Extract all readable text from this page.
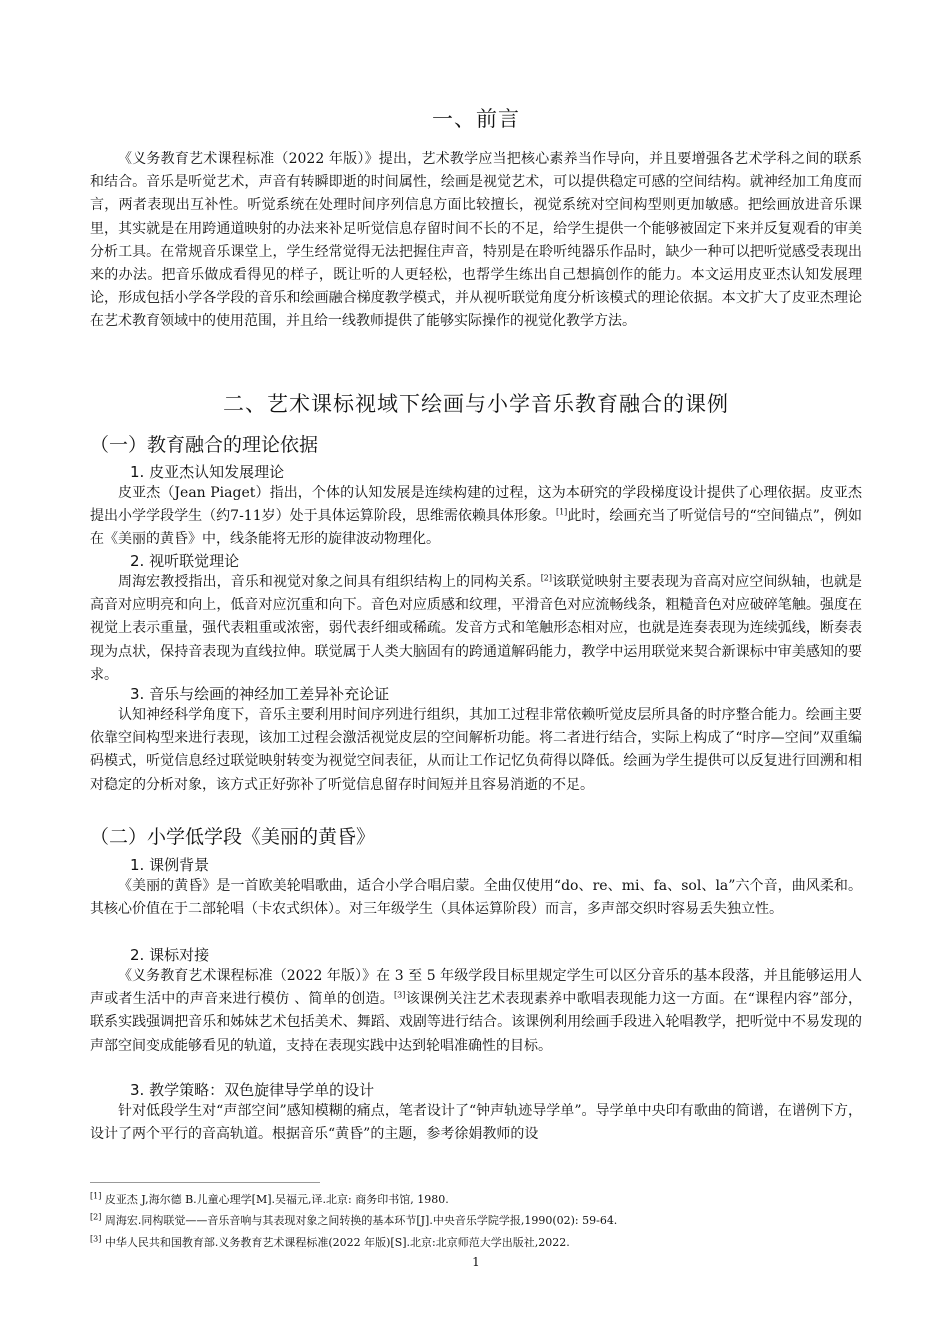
一、前言

《义务教育艺术课程标准（2022 年版）》提出，艺术教学应当把核心素养当作导向，并且要增强各艺术学科之间的联系和结合。音乐是听觉艺术，声音有转瞬即逝的时间属性，绘画是视觉艺术，可以提供稳定可感的空间结构。就神经加工角度而言，两者表现出互补性。听觉系统在处理时间序列信息方面比较擅长，视觉系统对空间构型则更加敏感。把绘画放进音乐课里，其实就是在用跨通道映射的办法来补足听觉信息存留时间不长的不足，给学生提供一个能够被固定下来并反复观看的审美分析工具。在常规音乐课堂上，学生经常觉得无法把握住声音，特别是在聆听纯器乐作品时，缺少一种可以把听觉感受表现出来的办法。把音乐做成看得见的样子，既让听的人更轻松，也帮学生练出自己想搞创作的能力。本文运用皮亚杰认知发展理论，形成包括小学各学段的音乐和绘画融合梯度教学模式，并从视听联觉角度分析该模式的理论依据。本文扩大了皮亚杰理论在艺术教育领域中的使用范围，并且给一线教师提供了能够实际操作的视觉化教学方法。

二、艺术课标视域下绘画与小学音乐教育融合的课例
（一）教育融合的理论依据
1. 皮亚杰认知发展理论

皮亚杰（Jean Piaget）指出，个体的认知发展是连续构建的过程，这为本研究的学段梯度设计提供了心理依据。皮亚杰提出小学学段学生（约7-11岁）处于具体运算阶段，思维需依赖具体形象。[1]此时，绘画充当了听觉信号的“空间锚点”，例如在《美丽的黄昏》中，线条能将无形的旋律波动物理化。

2. 视听联觉理论

周海宏教授指出，音乐和视觉对象之间具有组织结构上的同构关系。[2]该联觉映射主要表现为音高对应空间纵轴，也就是高音对应明亮和向上，低音对应沉重和向下。音色对应质感和纹理，平滑音色对应流畅线条，粗糙音色对应破碎笔触。强度在视觉上表示重量，强代表粗重或浓密，弱代表纤细或稀疏。发音方式和笔触形态相对应，也就是连奏表现为连续弧线，断奏表现为点状，保持音表现为直线拉伸。联觉属于人类大脑固有的跨通道解码能力，教学中运用联觉来契合新课标中审美感知的要求。

3. 音乐与绘画的神经加工差异补充论证

认知神经科学角度下，音乐主要利用时间序列进行组织，其加工过程非常依赖听觉皮层所具备的时序整合能力。绘画主要依靠空间构型来进行表现，该加工过程会激活视觉皮层的空间解析功能。将二者进行结合，实际上构成了“时序—空间”双重编码模式，听觉信息经过联觉映射转变为视觉空间表征，从而让工作记忆负荷得以降低。绘画为学生提供可以反复进行回溯和相对稳定的分析对象，该方式正好弥补了听觉信息留存时间短并且容易消逝的不足。

（二）小学低学段《美丽的黄昏》
1. 课例背景

《美丽的黄昏》是一首欧美轮唱歌曲，适合小学合唱启蒙。全曲仅使用“do、re、mi、fa、sol、la”六个音，曲风柔和。其核心价值在于二部轮唱（卡农式织体）。对三年级学生（具体运算阶段）而言，多声部交织时容易丢失独立性。

2. 课标对接

《义务教育艺术课程标准（2022 年版）》在 3 至 5 年级学段目标里规定学生可以区分音乐的基本段落，并且能够运用人声或者生活中的声音来进行模仿 、简单的创造。[3]该课例关注艺术表现素养中歌唱表现能力这一方面。在“课程内容”部分，联系实践强调把音乐和姊妹艺术包括美术、舞蹈、戏剧等进行结合。该课例利用绘画手段进入轮唱教学，把听觉中不易发现的声部空间变成能够看见的轨道，支持在表现实践中达到轮唱准确性的目标。

3. 教学策略：双色旋律导学单的设计

针对低段学生对“声部空间”感知模糊的痛点，笔者设计了“钟声轨迹导学单”。导学单中央印有歌曲的简谱，在谱例下方，设计了两个平行的音高轨道。根据音乐“黄昏”的主题，参考徐娟教师的设

[1] 皮亚杰 J,海尔德 B.儿童心理学[M].吴福元,译.北京: 商务印书馆, 1980.
[2] 周海宏.同构联觉——音乐音响与其表现对象之间转换的基本环节[J].中央音乐学院学报,1990(02): 59-64.
[3] 中华人民共和国教育部.义务教育艺术课程标准(2022 年版)[S].北京:北京师范大学出版社,2022.
1
